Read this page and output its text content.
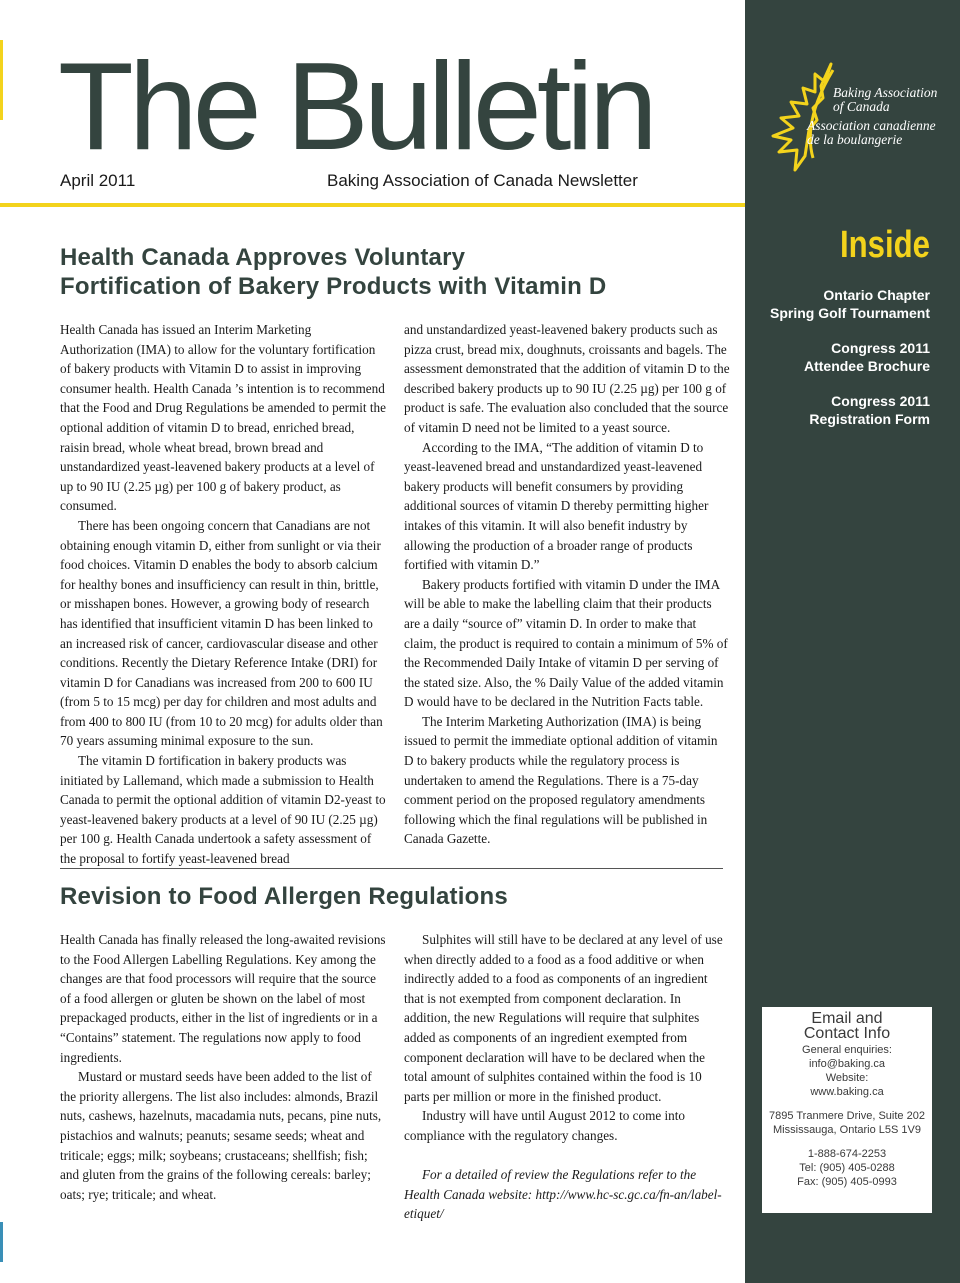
The Bulletin
April 2011	Baking Association of Canada Newsletter
Baking Association
of Canada
Association canadienne
de la boulangerie
Inside
Ontario Chapter
Spring Golf Tournament
Congress 2011
Attendee Brochure
Congress 2011
Registration Form
Email and
Contact Info
General enquiries:
info@baking.ca
Website:
www.baking.ca
7895 Tranmere Drive, Suite 202
Mississauga, Ontario L5S 1V9
1-888-674-2253
Tel: (905) 405-0288
Fax: (905) 405-0993
Health Canada Approves Voluntary
Fortification of Bakery Products with Vitamin D

Health Canada has issued an Interim Marketing Authorization (IMA) to allow for the voluntary fortification of bakery products with Vitamin D to assist in improving consumer health. Health Canada ’s intention is to recommend that the Food and Drug Regulations be amended to permit the optional addition of vitamin D to bread, enriched bread, raisin bread, whole wheat bread, brown bread and unstandardized yeast-leavened bakery products at a level of up to 90 IU (2.25 µg) per 100 g of bakery product, as consumed.

There has been ongoing concern that Canadians are not obtaining enough vitamin D, either from sunlight or via their food choices. Vitamin D enables the body to absorb calcium for healthy bones and insufficiency can result in thin, brittle, or misshapen bones. However, a growing body of research has identified that insufficient vitamin D has been linked to an increased risk of cancer, cardiovascular disease and other conditions. Recently the Dietary Reference Intake (DRI) for vitamin D for Canadians was increased from 200 to 600 IU (from 5 to 15 mcg) per day for children and most adults and from 400 to 800 IU (from 10 to 20 mcg) for adults older than 70 years assuming minimal exposure to the sun.

The vitamin D fortification in bakery products was initiated by Lallemand, which made a submission to Health Canada to permit the optional addition of vitamin D2-yeast to yeast-leavened bakery products at a level of 90 IU (2.25 µg) per 100 g. Health Canada undertook a safety assessment of the proposal to fortify yeast-leavened bread

and unstandardized yeast-leavened bakery products such as pizza crust, bread mix, doughnuts, croissants and bagels. The assessment demonstrated that the addition of vitamin D to the described bakery products up to 90 IU (2.25 µg) per 100 g of product is safe. The evaluation also concluded that the source of vitamin D need not be limited to a yeast source.

According to the IMA, “The addition of vitamin D to yeast-leavened bread and unstandardized yeast-leavened bakery products will benefit consumers by providing additional sources of vitamin D thereby permitting higher intakes of this vitamin. It will also benefit industry by allowing the production of a broader range of products fortified with vitamin D.”

Bakery products fortified with vitamin D under the IMA will be able to make the labelling claim that their products are a daily “source of” vitamin D. In order to make that claim, the product is required to contain a minimum of 5% of the Recommended Daily Intake of vitamin D per serving of the stated size. Also, the % Daily Value of the added vitamin D would have to be declared in the Nutrition Facts table.

The Interim Marketing Authorization (IMA) is being issued to permit the immediate optional addition of vitamin D to bakery products while the regulatory process is undertaken to amend the Regulations. There is a 75-day comment period on the proposed regulatory amendments following which the final regulations will be published in Canada Gazette.

Revision to Food Allergen Regulations

Health Canada has finally released the long-awaited revisions to the Food Allergen Labelling Regulations. Key among the changes are that food processors will require that the source of a food allergen or gluten be shown on the label of most prepackaged products, either in the list of ingredients or in a “Contains” statement. The regulations now apply to food ingredients.

Mustard or mustard seeds have been added to the list of the priority allergens. The list also includes: almonds, Brazil nuts, cashews, hazelnuts, macadamia nuts, pecans, pine nuts, pistachios and walnuts; peanuts; sesame seeds; wheat and triticale; eggs; milk; soybeans; crustaceans; shellfish; fish; and gluten from the grains of the following cereals: barley; oats; rye; triticale; and wheat.

Sulphites will still have to be declared at any level of use when directly added to a food as a food additive or when indirectly added to a food as components of an ingredient that is not exempted from component declaration. In addition, the new Regulations will require that sulphites added as components of an ingredient exempted from component declaration will have to be declared when the total amount of sulphites contained within the food is 10 parts per million or more in the finished product.

Industry will have until August 2012 to come into compliance with the regulatory changes.

For a detailed of review the Regulations refer to the Health Canada website: http://www.hc-sc.gc.ca/fn-an/label-etiquet/
